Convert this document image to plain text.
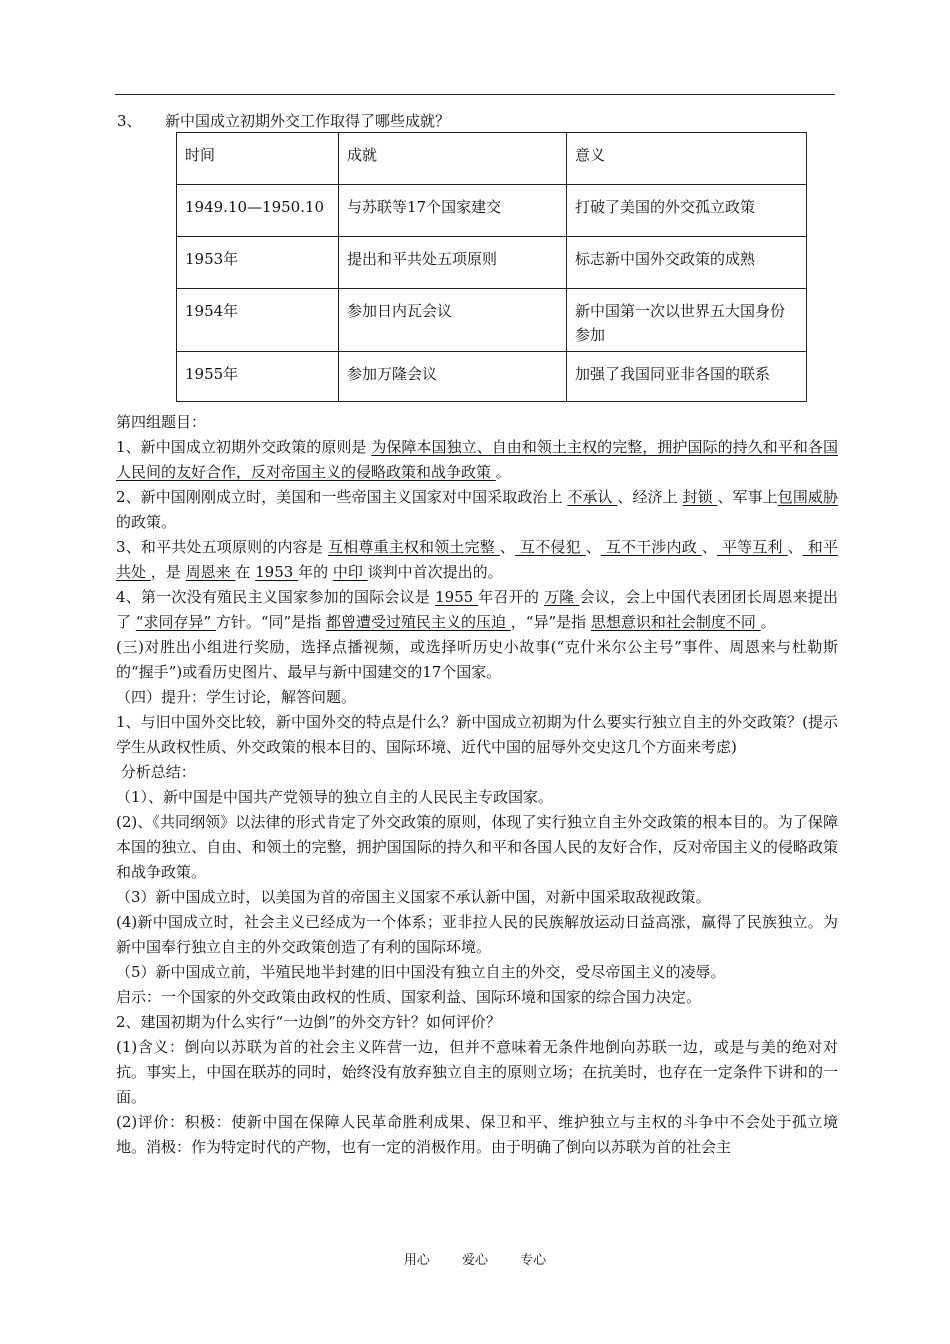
3、 新中国成立初期外交工作取得了哪些成就？
时间	成就	意义
1949.10—1950.10	与苏联等17个国家建交	打破了美国的外交孤立政策
1953年	提出和平共处五项原则	标志新中国外交政策的成熟
1954年	参加日内瓦会议	新中国第一次以世界五大国身份参加
1955年	参加万隆会议	加强了我国同亚非各国的联系

第四组题目：

1、新中国成立初期外交政策的原则是 为保障本国独立、自由和领土主权的完整，拥护国际的持久和平和各国人民间的友好合作，反对帝国主义的侵略政策和战争政策 。

2、新中国刚刚成立时，美国和一些帝国主义国家对中国采取政治上 不承认 、经济上 封锁 、军事上包围威胁 的政策。

3、和平共处五项原则的内容是 互相尊重主权和领土完整 、 互不侵犯 、 互不干涉内政 、 平等互利 、 和平共处 ，是 周恩来 在 1953 年的 中印 谈判中首次提出的。

4、第一次没有殖民主义国家参加的国际会议是 1955 年召开的 万隆 会议，会上中国代表团团长周恩来提出了 “求同存异” 方针。“同”是指 都曾遭受过殖民主义的压迫 ，“异”是指 思想意识和社会制度不同 。

(三)对胜出小组进行奖励，选择点播视频，或选择听历史小故事(“克什米尔公主号”事件、周恩来与杜勒斯的“握手”)或看历史图片、最早与新中国建交的17个国家。

（四）提升：学生讨论，解答问题。

1、与旧中国外交比较，新中国外交的特点是什么？新中国成立初期为什么要实行独立自主的外交政策？(提示学生从政权性质、外交政策的根本目的、国际环境、近代中国的屈辱外交史这几个方面来考虑)

分析总结：

（1）、新中国是中国共产党领导的独立自主的人民民主专政国家。

(2)、《共同纲领》以法律的形式肯定了外交政策的原则，体现了实行独立自主外交政策的根本目的。为了保障本国的独立、自由、和领土的完整，拥护国国际的持久和平和各国人民的友好合作，反对帝国主义的侵略政策和战争政策。

（3）新中国成立时，以美国为首的帝国主义国家不承认新中国，对新中国采取敌视政策。

(4)新中国成立时，社会主义已经成为一个体系；亚非拉人民的民族解放运动日益高涨，赢得了民族独立。为新中国奉行独立自主的外交政策创造了有利的国际环境。

（5）新中国成立前，半殖民地半封建的旧中国没有独立自主的外交，受尽帝国主义的凌辱。

启示：一个国家的外交政策由政权的性质、国家利益、国际环境和国家的综合国力决定。

2、建国初期为什么实行“一边倒”的外交方针？如何评价？

(1)含义：倒向以苏联为首的社会主义阵营一边，但并不意味着无条件地倒向苏联一边，或是与美的绝对对抗。事实上，中国在联苏的同时，始终没有放弃独立自主的原则立场；在抗美时，也存在一定条件下讲和的一面。

(2)评价：积极：使新中国在保障人民革命胜利成果、保卫和平、维护独立与主权的斗争中不会处于孤立境地。消极：作为特定时代的产物，也有一定的消极作用。由于明确了倒向以苏联为首的社会主

用心 爱心 专心
